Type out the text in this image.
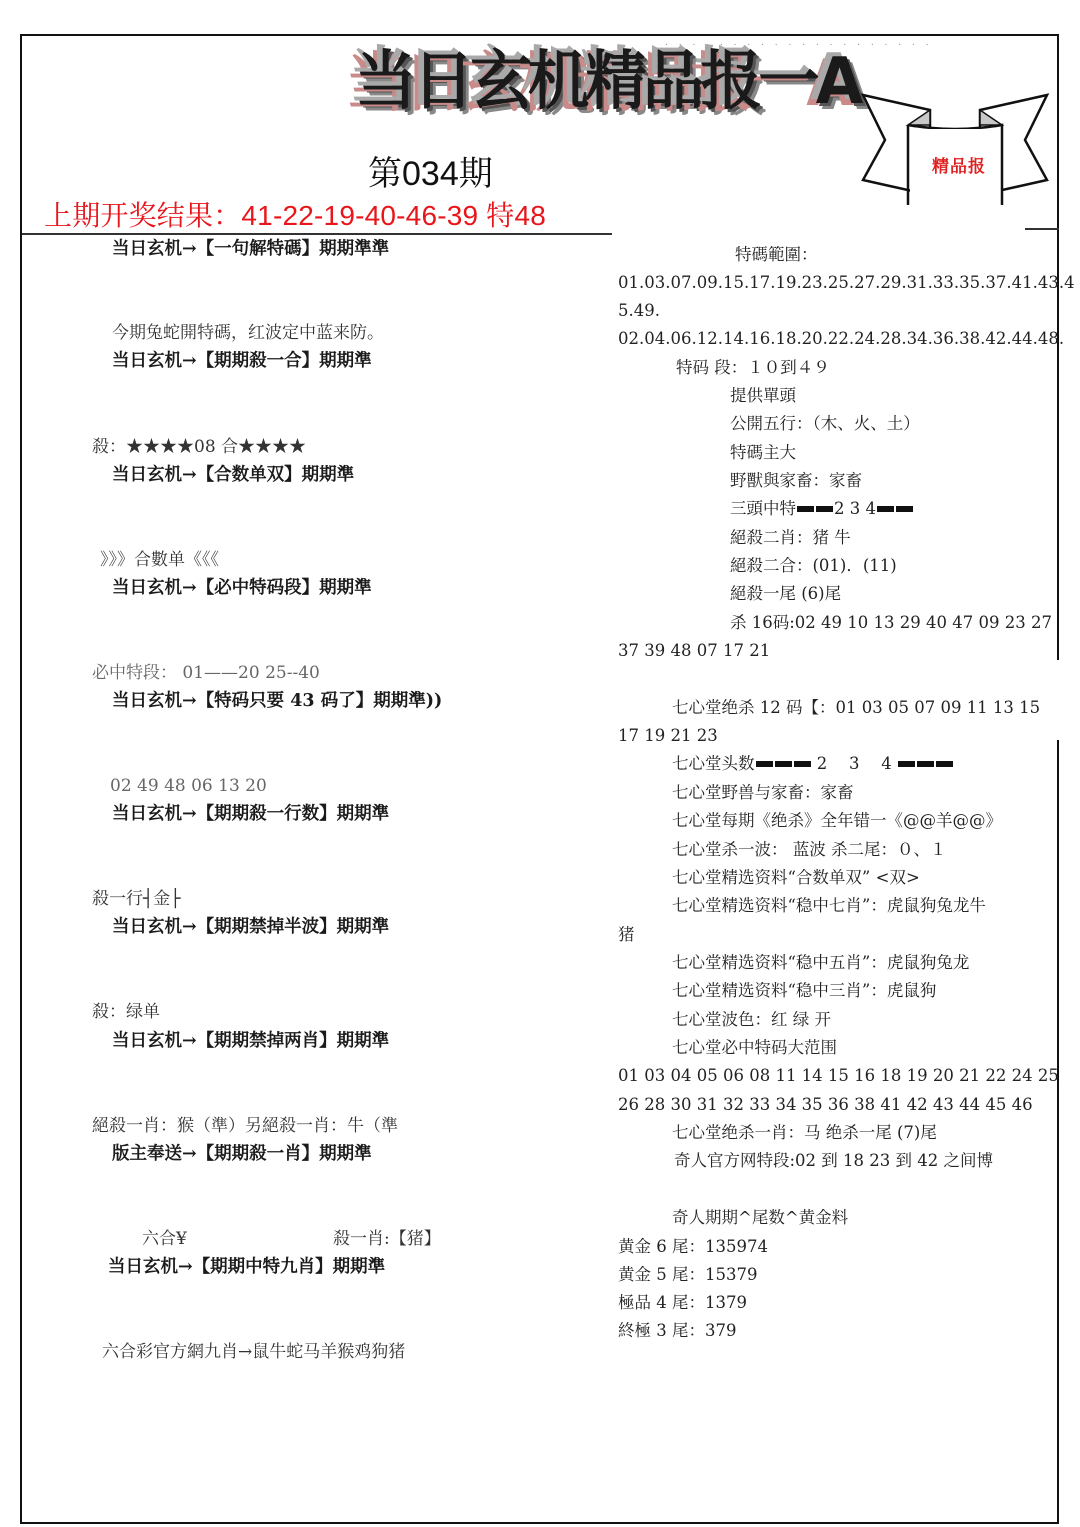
. . . . . . . . . . . . . . . . . . . .
当日玄机精品报一A
精品报
第034期
上期开奖结果：41-22-19-40-46-39 特48
当日玄机→【一句解特碼】期期準準
今期兔蛇開特碼，红波定中蓝来防。
当日玄机→【期期殺一合】期期準
殺：★★★★08 合★★★★
当日玄机→【合数单双】期期準
》》》合數单《《《
当日玄机→【必中特码段】期期準
必中特段： 01——20 25--40
当日玄机→【特码只要 43 码了】期期準))
02 49 48 06 13 20
当日玄机→【期期殺一行数】期期準
殺一行┤金├
当日玄机→【期期禁掉半波】期期準
殺：绿单
当日玄机→【期期禁掉两肖】期期準
絕殺一肖：猴（準）另絕殺一肖：牛（準
版主奉送→【期期殺一肖】期期準
六合¥	殺一肖:【猪】
当日玄机→【期期中特九肖】期期準
六合彩官方網九肖→鼠牛蛇马羊猴鸡狗猪
特碼範圍：
01.03.07.09.15.17.19.23.25.27.29.31.33.35.37.41.43.4
5.49.
02.04.06.12.14.16.18.20.22.24.28.34.36.38.42.44.48.
特码 段：１０到４９
提供單頭
公開五行：（木、火、土）
特碼主大
野獸與家畜：家畜
三頭中特 2 3 4
絕殺二肖：猪 牛
絕殺二合：(01)．(11)
絕殺一尾 (6)尾
杀 16码:02 49 10 13 29 40 47 09 23 27
37 39 48 07 17 21
七心堂绝杀 12 码【：01 03 05 07 09 11 13 15
17 19 21 23
七心堂头数	2　 3　 4
七心堂野兽与家畜：家畜
七心堂每期《绝杀》全年错一《@@羊@@》
七心堂杀一波： 蓝波 杀二尾：０、１
七心堂精选资料“合数单双” <双>
七心堂精选资料“稳中七肖”：虎鼠狗兔龙牛
猪
七心堂精选资料“稳中五肖”：虎鼠狗兔龙
七心堂精选资料“稳中三肖”：虎鼠狗
七心堂波色：红 绿 开
七心堂必中特码大范围
01 03 04 05 06 08 11 14 15 16 18 19 20 21 22 24 25
26 28 30 31 32 33 34 35 36 38 41 42 43 44 45 46
七心堂绝杀一肖：马 绝杀一尾 (7)尾
奇人官方网特段:02 到 18 23 到 42 之间博
奇人期期^尾数^黄金料
黄金 6 尾：135974
黄金 5 尾：15379
極品 4 尾：1379
終極 3 尾：379
